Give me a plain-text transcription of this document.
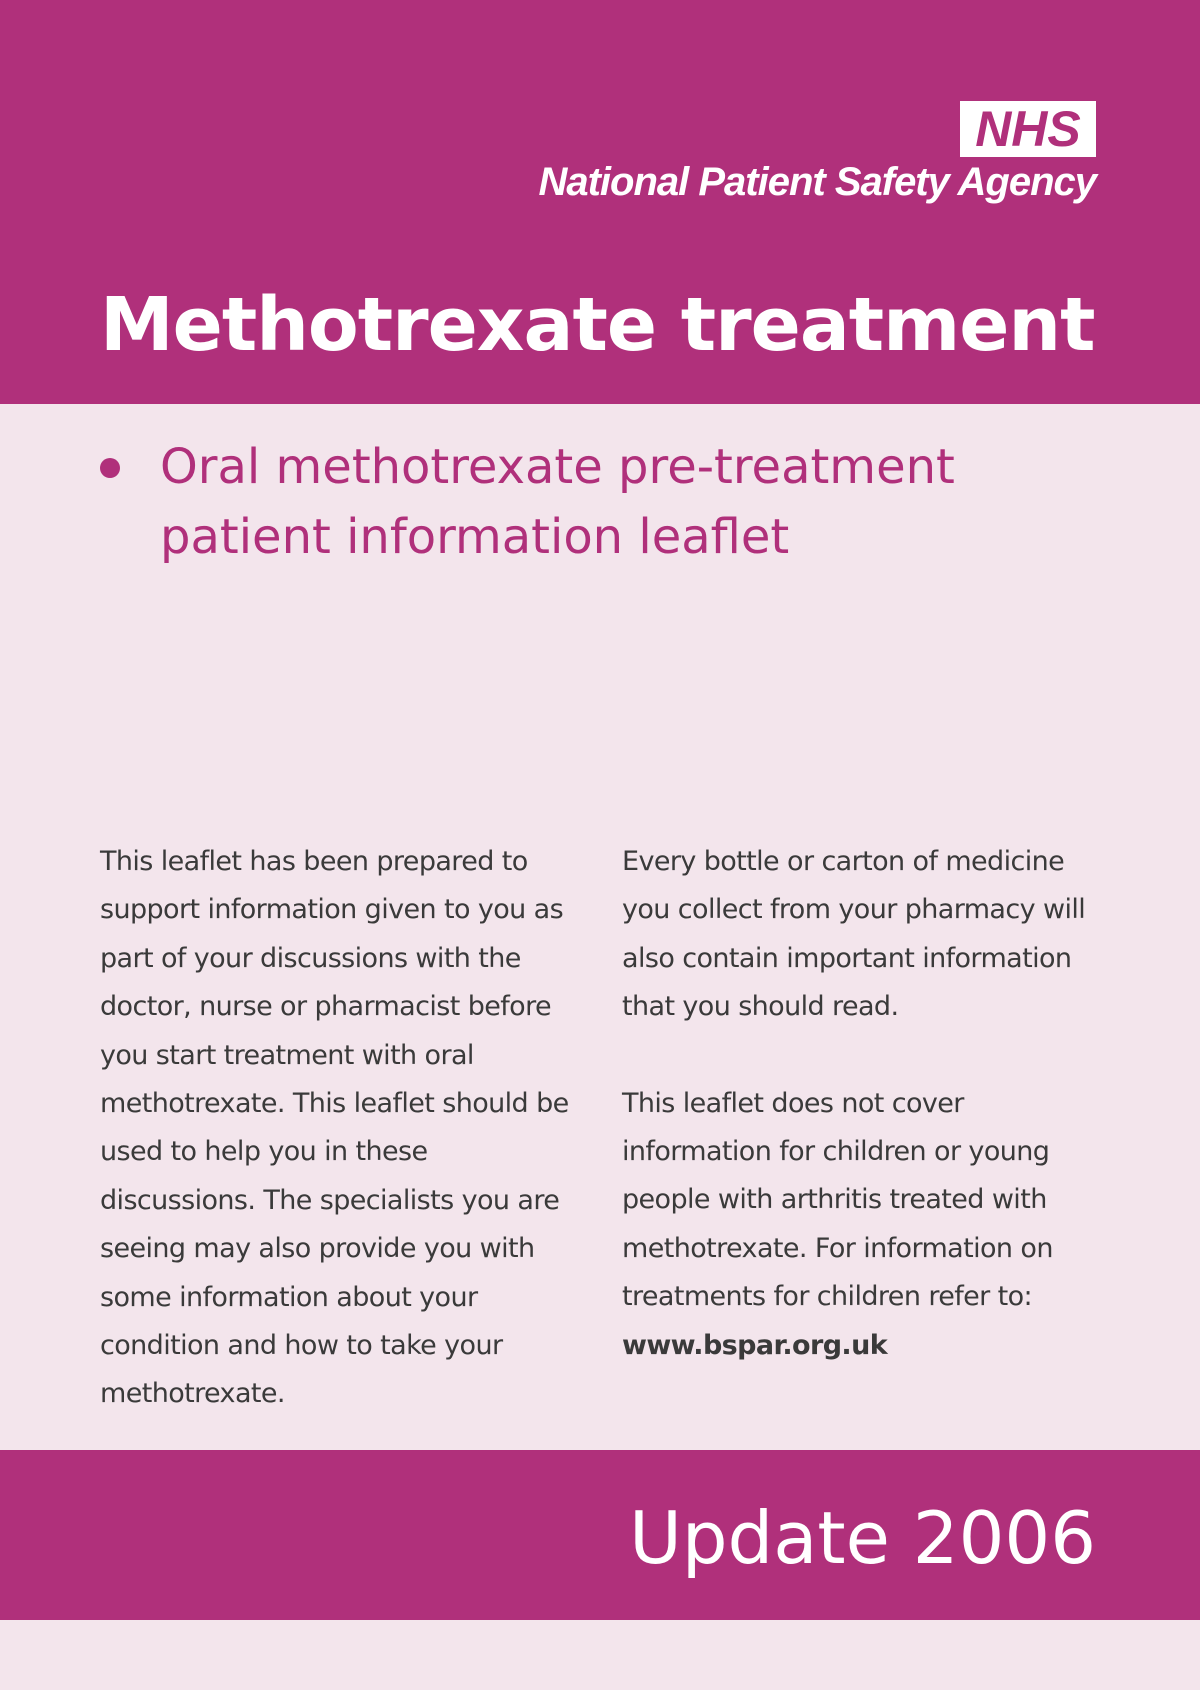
NHS
National Patient Safety Agency
Methotrexate treatment

Oral methotrexate pre-treatment patient information leaflet

This leaflet has been prepared to support information given to you as part of your discussions with the doctor, nurse or pharmacist before you start treatment with oral methotrexate. This leaflet should be used to help you in these discussions. The specialists you are seeing may also provide you with some information about your condition and how to take your methotrexate.

Every bottle or carton of medicine you collect from your pharmacy will also contain important information that you should read.

This leaflet does not cover information for children or young people with arthritis treated with methotrexate. For information on treatments for children refer to:
www.bspar.org.uk

Update 2006
